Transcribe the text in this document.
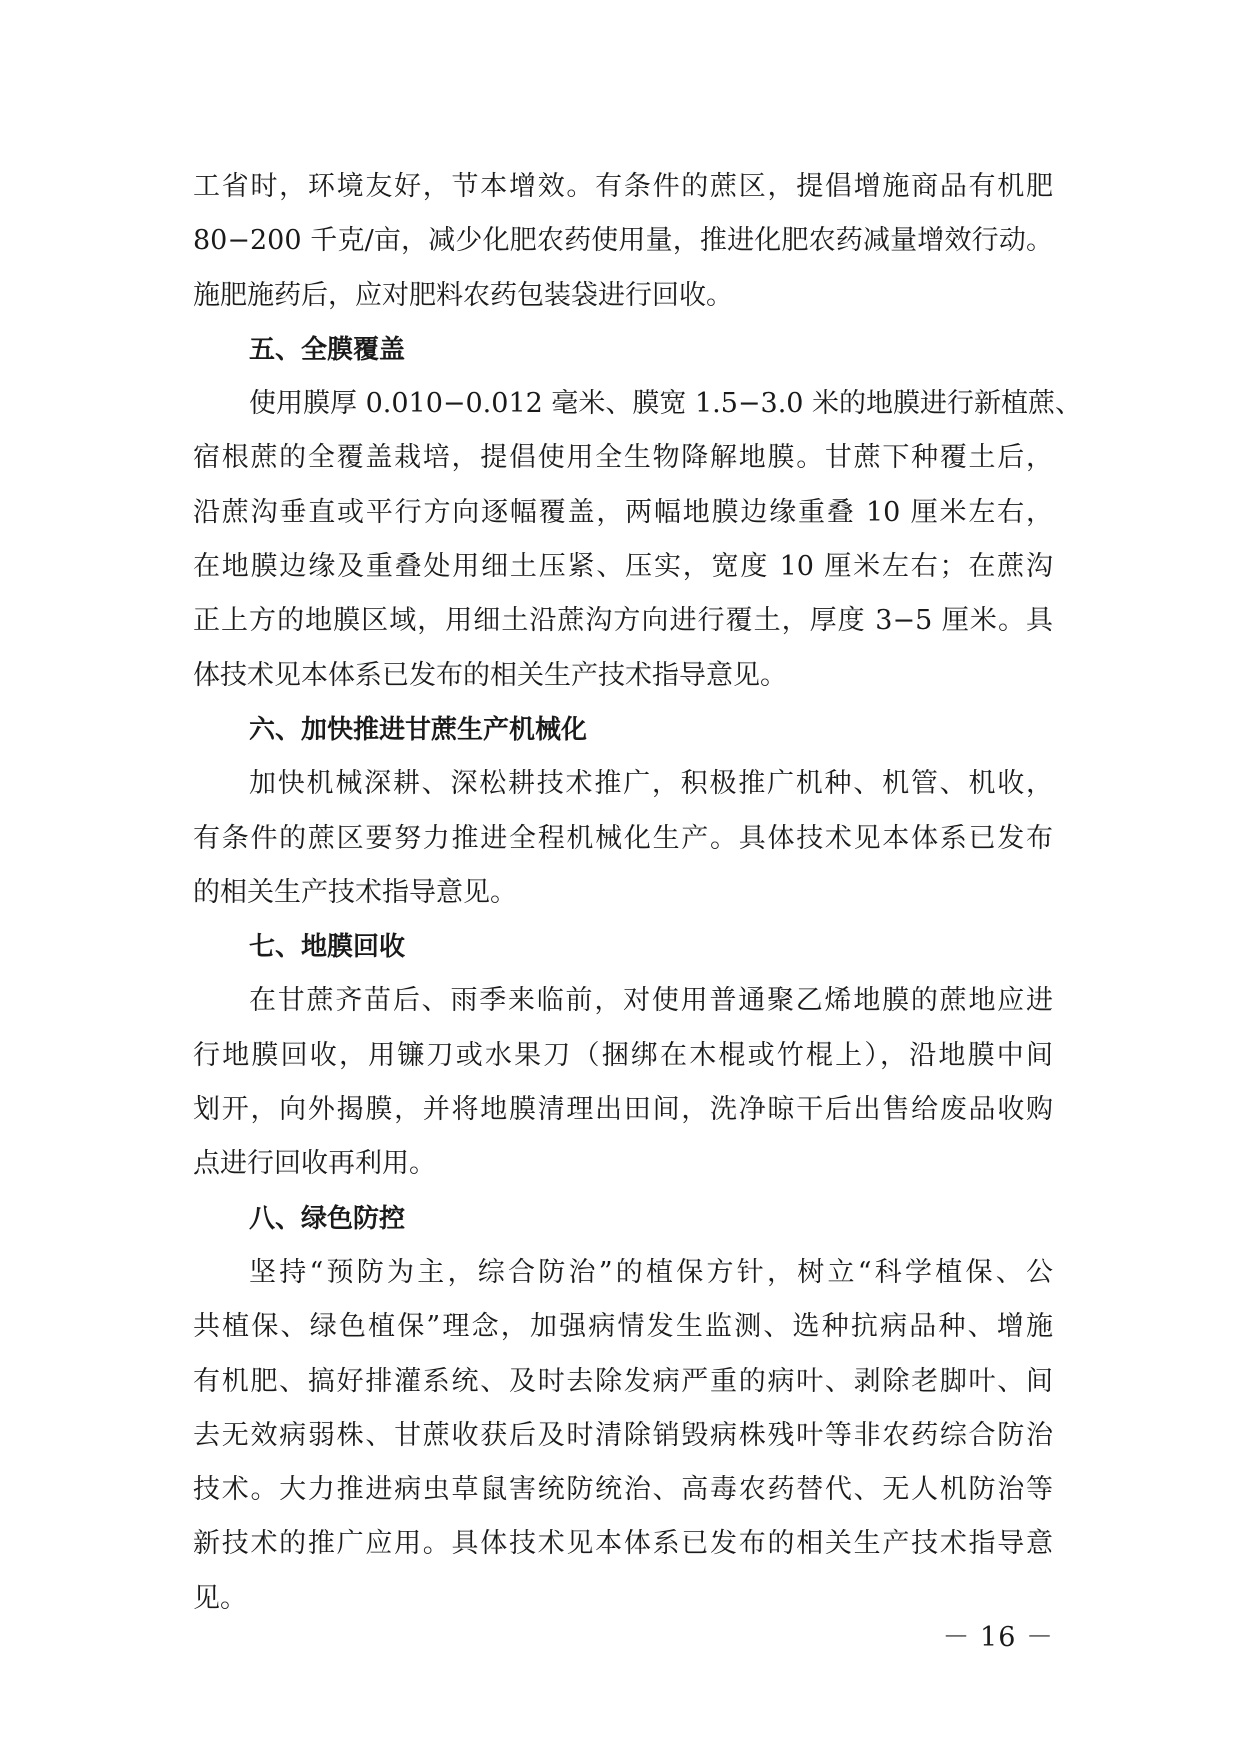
工省时，环境友好，节本增效。有条件的蔗区，提倡增施商品有机肥
80−200 千克/亩，减少化肥农药使用量，推进化肥农药减量增效行动。
施肥施药后，应对肥料农药包装袋进行回收。
五、全膜覆盖
使用膜厚 0.010−0.012 毫米、膜宽 1.5−3.0 米的地膜进行新植蔗、
宿根蔗的全覆盖栽培，提倡使用全生物降解地膜。甘蔗下种覆土后，
沿蔗沟垂直或平行方向逐幅覆盖，两幅地膜边缘重叠 10 厘米左右，
在地膜边缘及重叠处用细土压紧、压实，宽度 10 厘米左右；在蔗沟
正上方的地膜区域，用细土沿蔗沟方向进行覆土，厚度 3−5 厘米。具
体技术见本体系已发布的相关生产技术指导意见。
六、加快推进甘蔗生产机械化
加快机械深耕、深松耕技术推广，积极推广机种、机管、机收，
有条件的蔗区要努力推进全程机械化生产。具体技术见本体系已发布
的相关生产技术指导意见。
七、地膜回收
在甘蔗齐苗后、雨季来临前，对使用普通聚乙烯地膜的蔗地应进
行地膜回收，用镰刀或水果刀（捆绑在木棍或竹棍上），沿地膜中间
划开，向外揭膜，并将地膜清理出田间，洗净晾干后出售给废品收购
点进行回收再利用。
八、绿色防控
坚持“预防为主，综合防治”的植保方针，树立“科学植保、公
共植保、绿色植保”理念，加强病情发生监测、选种抗病品种、增施
有机肥、搞好排灌系统、及时去除发病严重的病叶、剥除老脚叶、间
去无效病弱株、甘蔗收获后及时清除销毁病株残叶等非农药综合防治
技术。大力推进病虫草鼠害统防统治、高毒农药替代、无人机防治等
新技术的推广应用。具体技术见本体系已发布的相关生产技术指导意
见。
－ 16 －
